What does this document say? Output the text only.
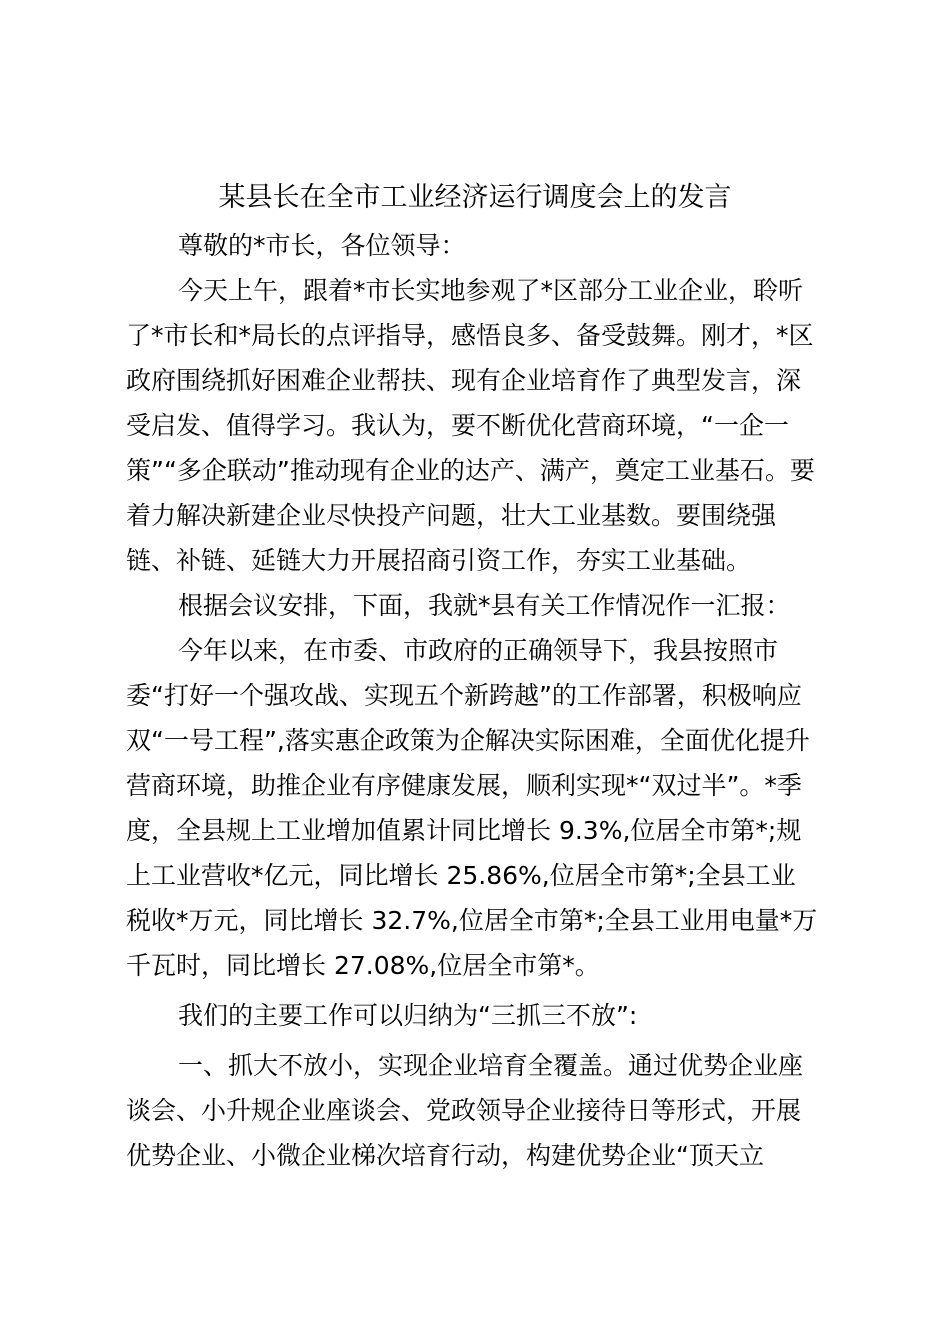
某县长在全市工业经济运行调度会上的发言
尊敬的*市长，各位领导：
今天上午，跟着*市长实地参观了*区部分工业企业，聆听
了*市长和*局长的点评指导，感悟良多、备受鼓舞。刚才，*区
政府围绕抓好困难企业帮扶、现有企业培育作了典型发言，深
受启发、值得学习。我认为，要不断优化营商环境，“一企一
策”“多企联动”推动现有企业的达产、满产，奠定工业基石。要
着力解决新建企业尽快投产问题，壮大工业基数。要围绕强
链、补链、延链大力开展招商引资工作，夯实工业基础。
根据会议安排，下面，我就*县有关工作情况作一汇报：
今年以来，在市委、市政府的正确领导下，我县按照市
委“打好一个强攻战、实现五个新跨越”的工作部署，积极响应
双“一号工程”,落实惠企政策为企解决实际困难，全面优化提升
营商环境，助推企业有序健康发展，顺利实现*“双过半”。*季
度，全县规上工业增加值累计同比增长 9.3%,位居全市第*;规
上工业营收*亿元，同比增长 25.86%,位居全市第*;全县工业
税收*万元，同比增长 32.7%,位居全市第*;全县工业用电量*万
千瓦时，同比增长 27.08%,位居全市第*。
我们的主要工作可以归纳为“三抓三不放”:
一、抓大不放小，实现企业培育全覆盖。通过优势企业座
谈会、小升规企业座谈会、党政领导企业接待日等形式，开展
优势企业、小微企业梯次培育行动，构建优势企业“顶天立
